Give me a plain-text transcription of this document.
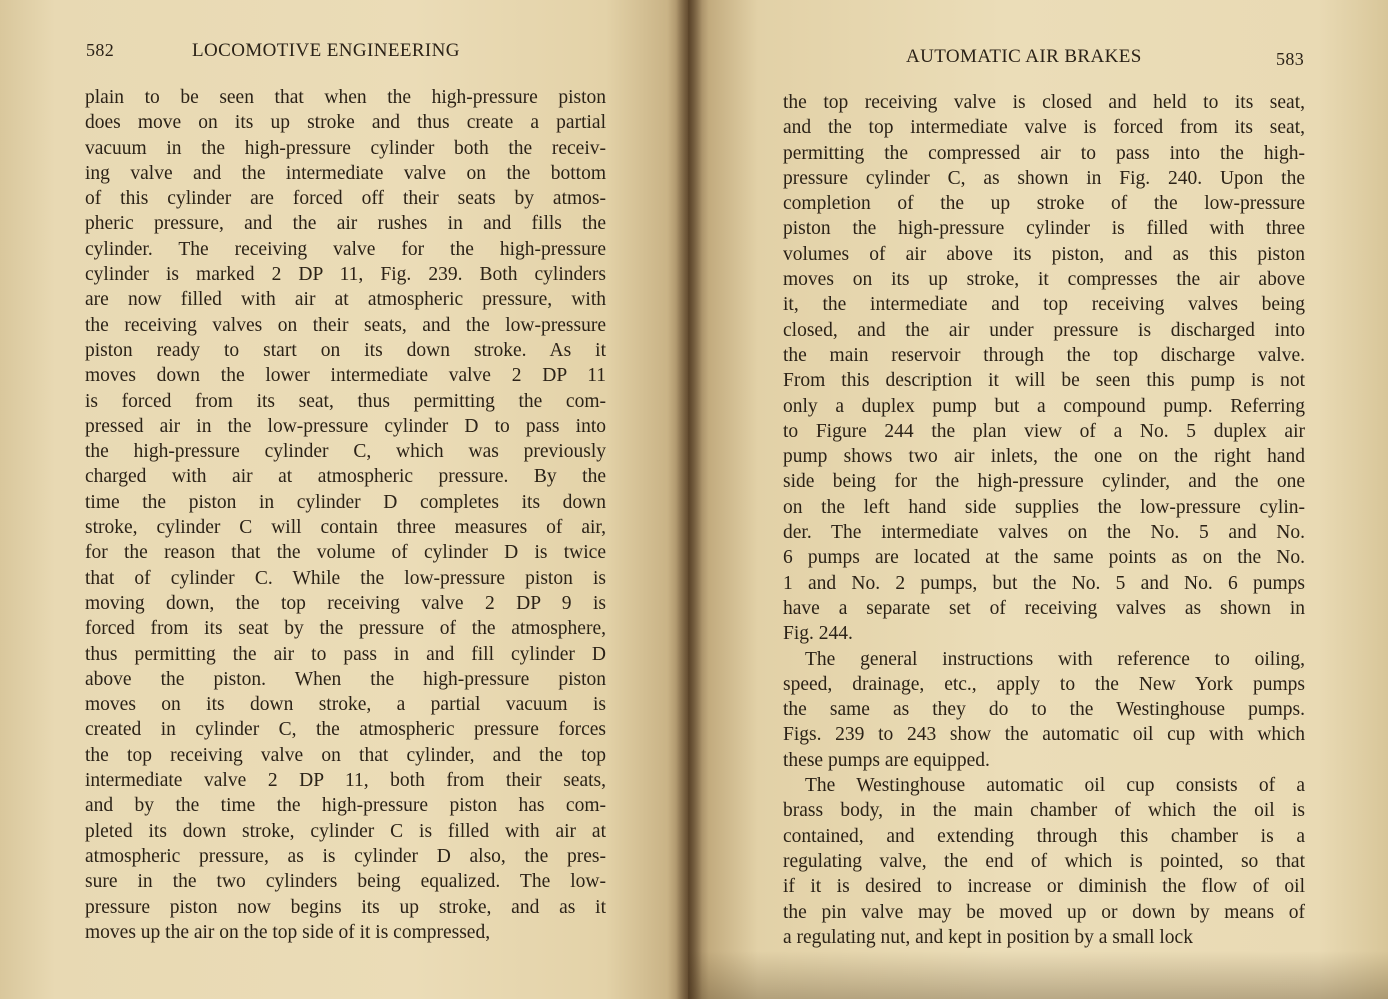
582	LOCOMOTIVE ENGINEERING
plain to be seen that when the high-pressure piston
does move on its up stroke and thus create a partial
vacuum in the high-pressure cylinder both the receiv-
ing valve and the intermediate valve on the bottom
of this cylinder are forced off their seats by atmos-
pheric pressure, and the air rushes in and fills the
cylinder. The receiving valve for the high-pressure
cylinder is marked 2 DP 11, Fig. 239. Both cylinders
are now filled with air at atmospheric pressure, with
the receiving valves on their seats, and the low-pressure
piston ready to start on its down stroke. As it
moves down the lower intermediate valve 2 DP 11
is forced from its seat, thus permitting the com-
pressed air in the low-pressure cylinder D to pass into
the high-pressure cylinder C, which was previously
charged with air at atmospheric pressure. By the
time the piston in cylinder D completes its down
stroke, cylinder C will contain three measures of air,
for the reason that the volume of cylinder D is twice
that of cylinder C. While the low-pressure piston is
moving down, the top receiving valve 2 DP 9 is
forced from its seat by the pressure of the atmosphere,
thus permitting the air to pass in and fill cylinder D
above the piston. When the high-pressure piston
moves on its down stroke, a partial vacuum is
created in cylinder C, the atmospheric pressure forces
the top receiving valve on that cylinder, and the top
intermediate valve 2 DP 11, both from their seats,
and by the time the high-pressure piston has com-
pleted its down stroke, cylinder C is filled with air at
atmospheric pressure, as is cylinder D also, the pres-
sure in the two cylinders being equalized. The low-
pressure piston now begins its up stroke, and as it
moves up the air on the top side of it is compressed,
AUTOMATIC AIR BRAKES	583
the top receiving valve is closed and held to its seat,
and the top intermediate valve is forced from its seat,
permitting the compressed air to pass into the high-
pressure cylinder C, as shown in Fig. 240. Upon the
completion of the up stroke of the low-pressure
piston the high-pressure cylinder is filled with three
volumes of air above its piston, and as this piston
moves on its up stroke, it compresses the air above
it, the intermediate and top receiving valves being
closed, and the air under pressure is discharged into
the main reservoir through the top discharge valve.
From this description it will be seen this pump is not
only a duplex pump but a compound pump. Referring
to Figure 244 the plan view of a No. 5 duplex air
pump shows two air inlets, the one on the right hand
side being for the high-pressure cylinder, and the one
on the left hand side supplies the low-pressure cylin-
der. The intermediate valves on the No. 5 and No.
6 pumps are located at the same points as on the No.
1 and No. 2 pumps, but the No. 5 and No. 6 pumps
have a separate set of receiving valves as shown in
Fig. 244.
The general instructions with reference to oiling,
speed, drainage, etc., apply to the New York pumps
the same as they do to the Westinghouse pumps.
Figs. 239 to 243 show the automatic oil cup with which
these pumps are equipped.
The Westinghouse automatic oil cup consists of a
brass body, in the main chamber of which the oil is
contained, and extending through this chamber is a
regulating valve, the end of which is pointed, so that
if it is desired to increase or diminish the flow of oil
the pin valve may be moved up or down by means of
a regulating nut, and kept in position by a small lock
